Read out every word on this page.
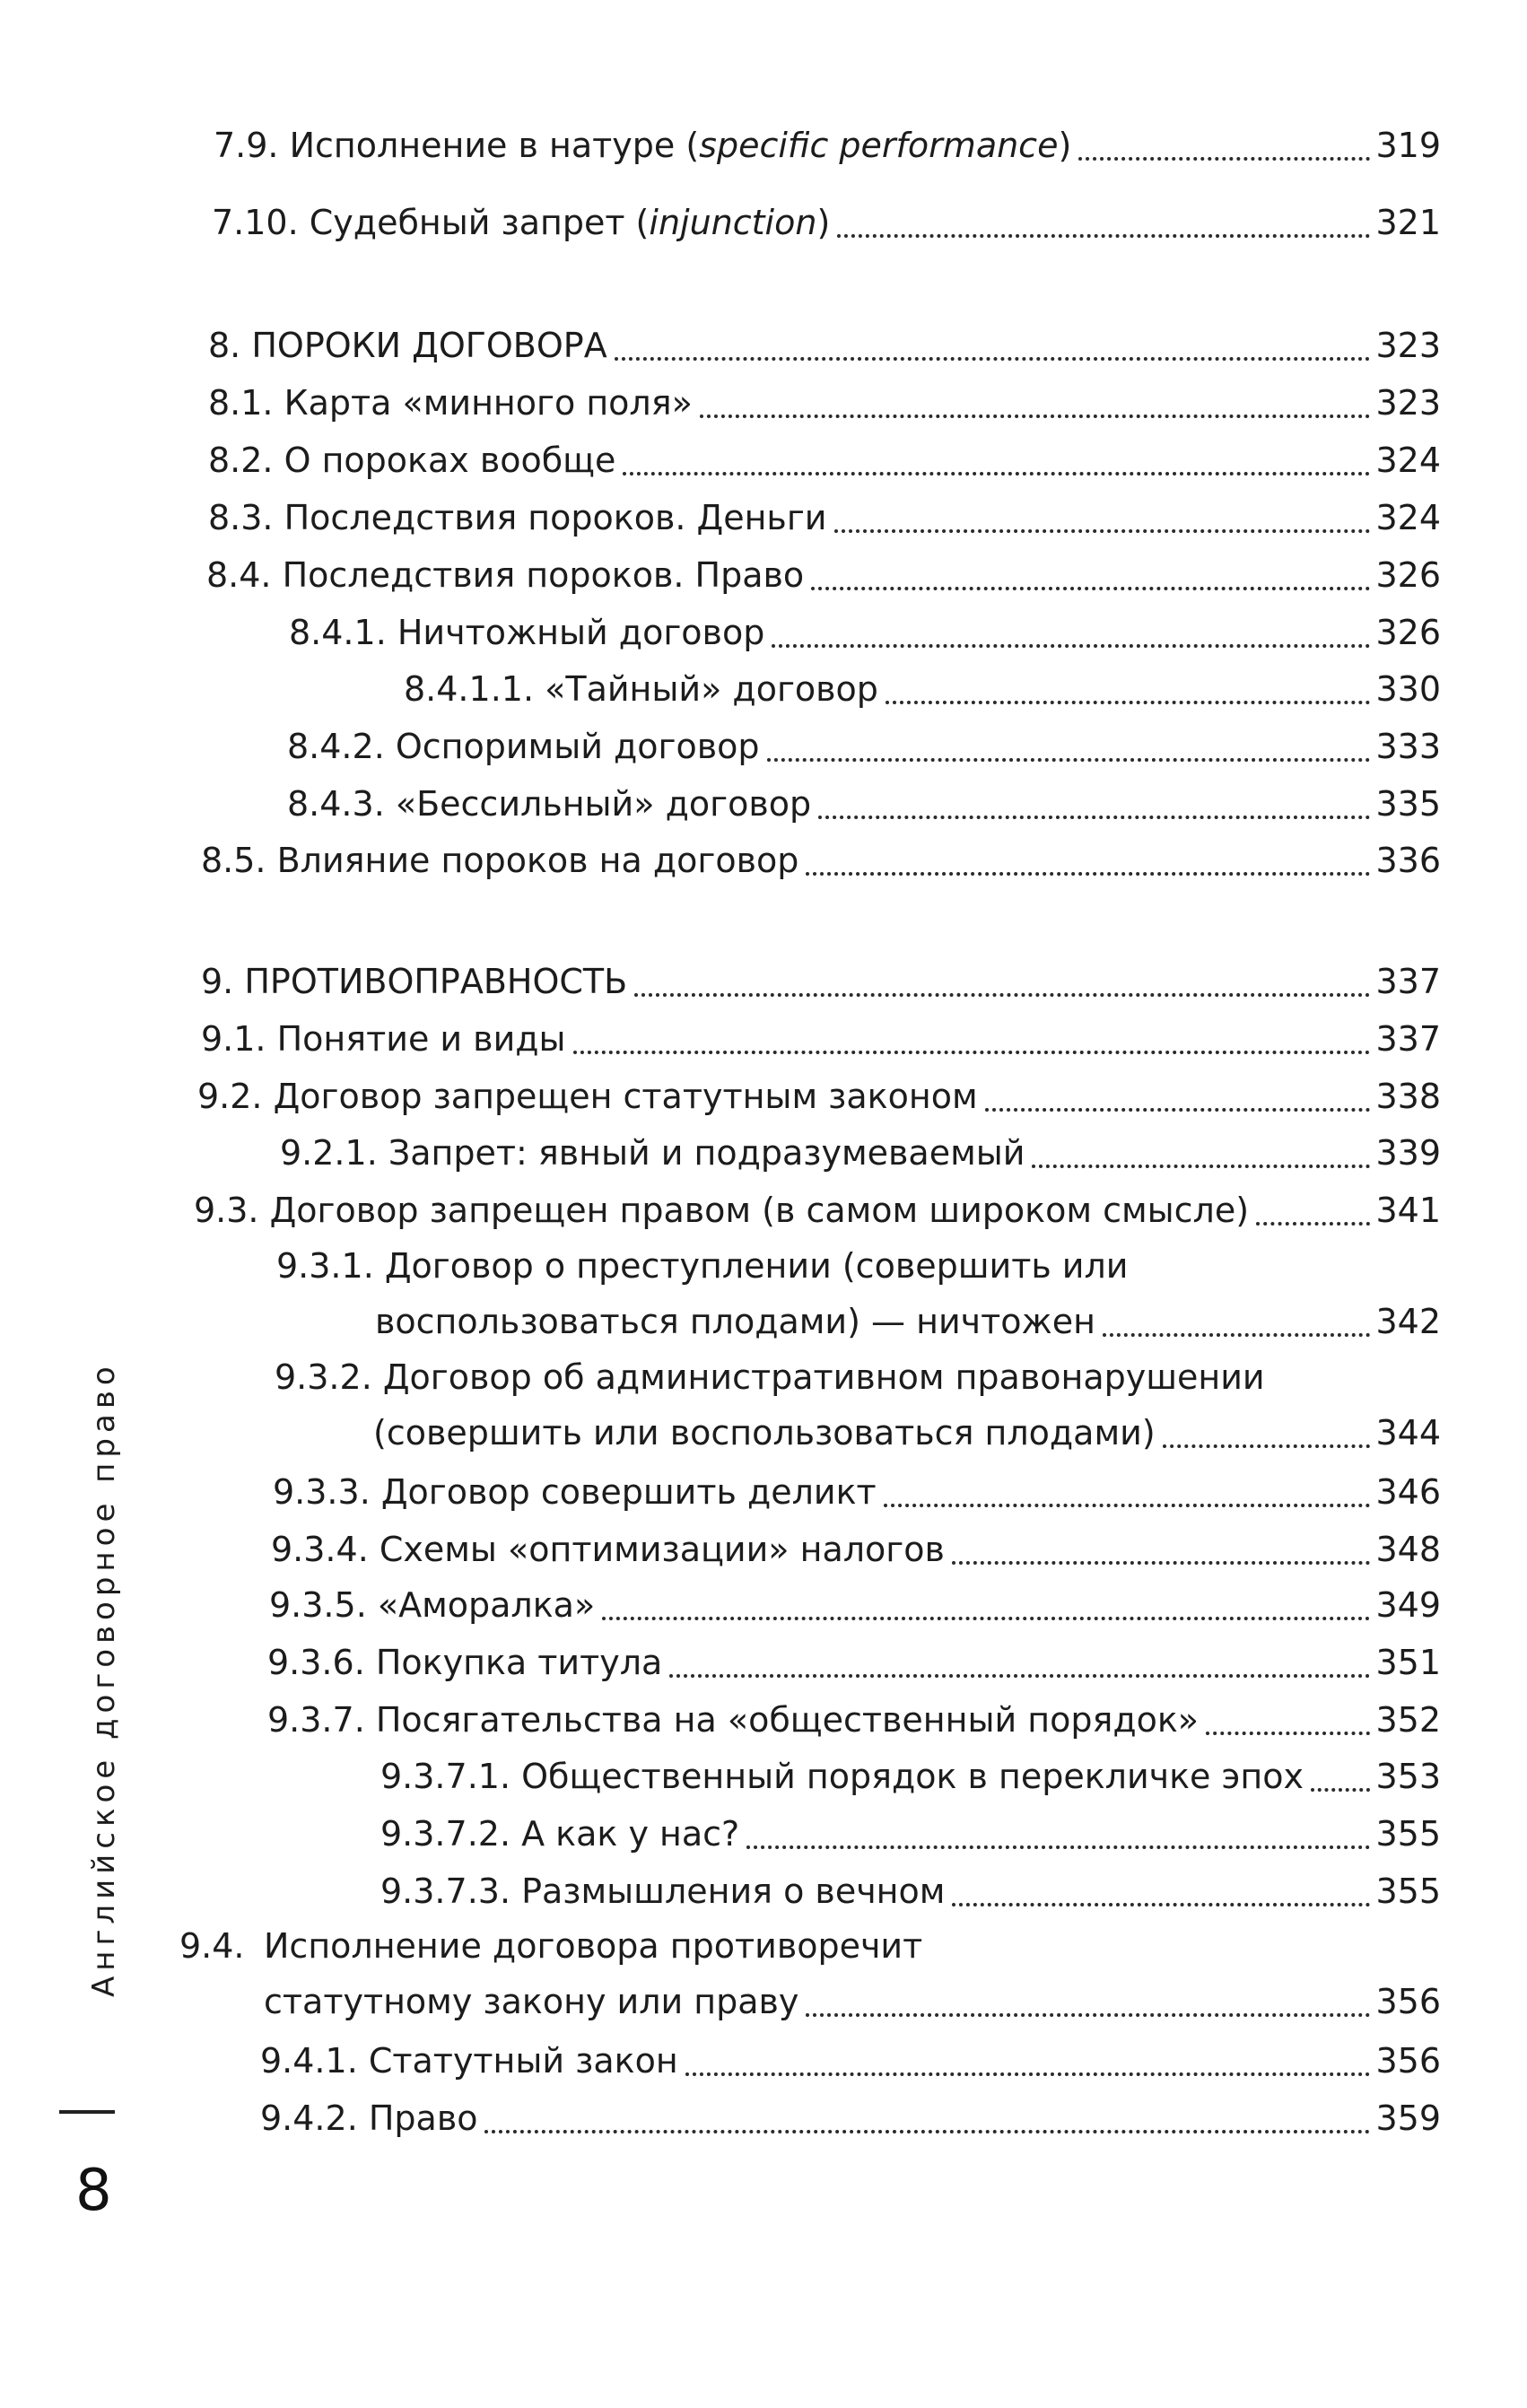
7.9. Исполнение в натуре (specific performance)	319
7.10. Судебный запрет (injunction)	321
8. ПОРОКИ ДОГОВОРА	323
8.1. Карта «минного поля»	323
8.2. О пороках вообще	324
8.3. Последствия пороков. Деньги	324
8.4. Последствия пороков. Право	326
8.4.1. Ничтожный договор	326
8.4.1.1. «Тайный» договор	330
8.4.2. Оспоримый договор	333
8.4.3. «Бессильный» договор	335
8.5. Влияние пороков на договор	336
9. ПРОТИВОПРАВНОСТЬ	337
9.1. Понятие и виды	337
9.2. Договор запрещен статутным законом	338
9.2.1. Запрет: явный и подразумеваемый	339
9.3. Договор запрещен правом (в самом широком смысле)	341
9.3.1. Договор о преступлении (совершить или
воспользоваться плодами) — ничтожен	342
9.3.2. Договор об административном правонарушении
(совершить или воспользоваться плодами)	344
9.3.3. Договор совершить деликт	346
9.3.4. Схемы «оптимизации» налогов	348
9.3.5. «Аморалка»	349
9.3.6. Покупка титула	351
9.3.7. Посягательства на «общественный порядок»	352
9.3.7.1. Общественный порядок в перекличке эпох 353
9.3.7.2. А как у нас?	355
9.3.7.3. Размышления о вечном	355
9.4. Исполнение договора противоречит
статутному закону или праву	356
9.4.1. Статутный закон	356
9.4.2. Право	359
Английское договорное право
8
